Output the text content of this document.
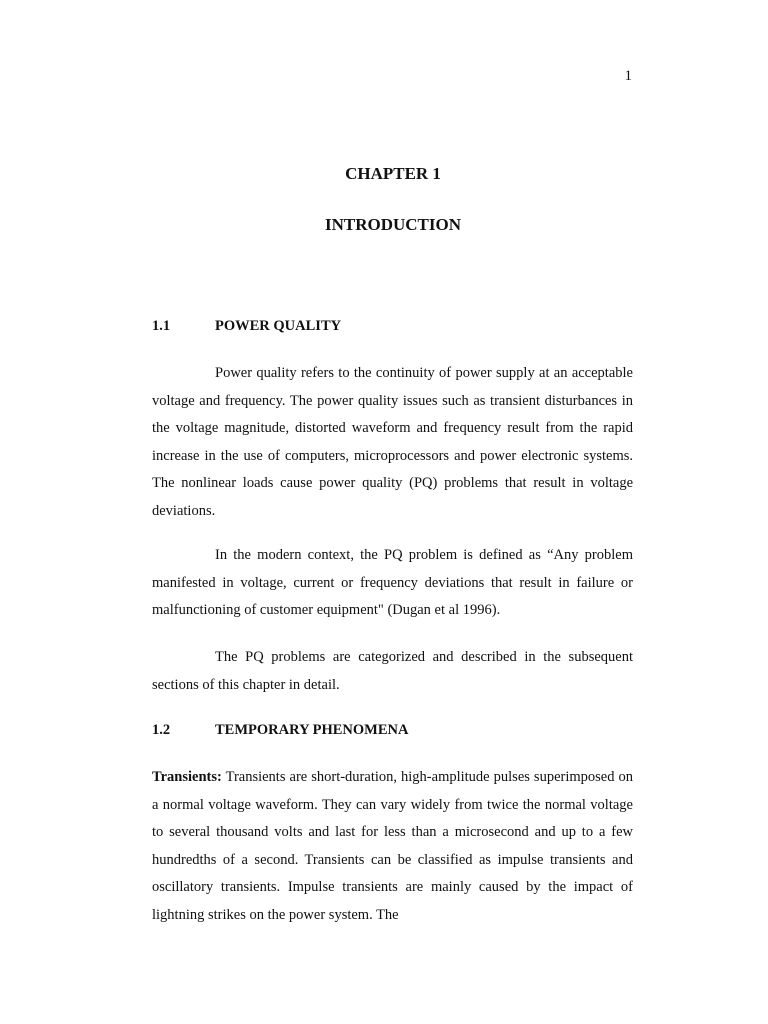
1
CHAPTER 1
INTRODUCTION
1.1	POWER QUALITY

Power quality refers to the continuity of power supply at an acceptable voltage and frequency. The power quality issues such as transient disturbances in the voltage magnitude, distorted waveform and frequency result from the rapid increase in the use of computers, microprocessors and power electronic systems. The nonlinear loads cause power quality (PQ) problems that result in voltage deviations.

In the modern context, the PQ problem is defined as “Any problem manifested in voltage, current or frequency deviations that result in failure or malfunctioning of customer equipment" (Dugan et al 1996).

The PQ problems are categorized and described in the subsequent sections of this chapter in detail.

1.2	TEMPORARY PHENOMENA

Transients: Transients are short-duration, high-amplitude pulses superimposed on a normal voltage waveform. They can vary widely from twice the normal voltage to several thousand volts and last for less than a microsecond and up to a few hundredths of a second. Transients can be classified as impulse transients and oscillatory transients. Impulse transients are mainly caused by the impact of lightning strikes on the power system. The
